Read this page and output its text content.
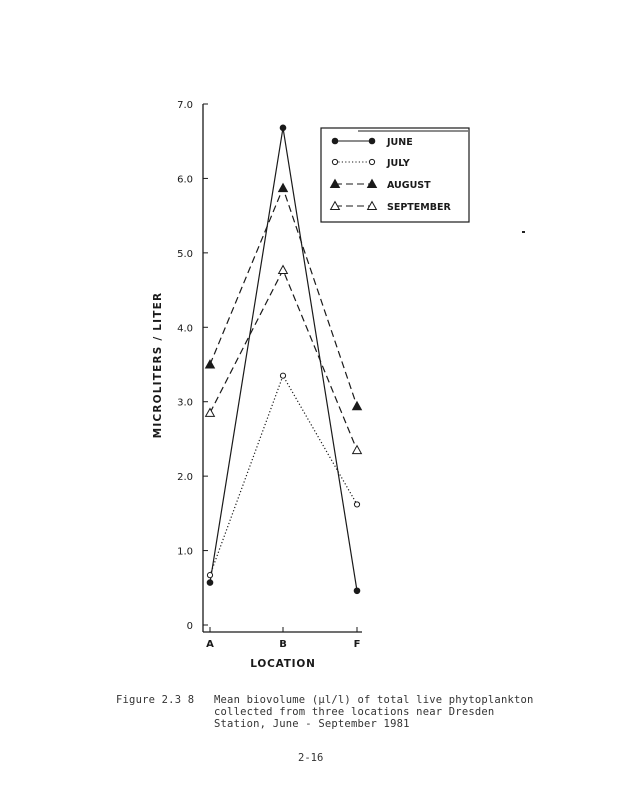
0
1.0
2.0
3.0
4.0
5.0
6.0
7.0
A	B	F
JUNE
JULY
AUGUST
SEPTEMBER
MICROLITERS / LITER
LOCATION
Figure 2.3 8	Mean biovolume (µl/l) of total live phytoplankton
collected from three locations near Dresden
Station, June - September 1981
2-16
